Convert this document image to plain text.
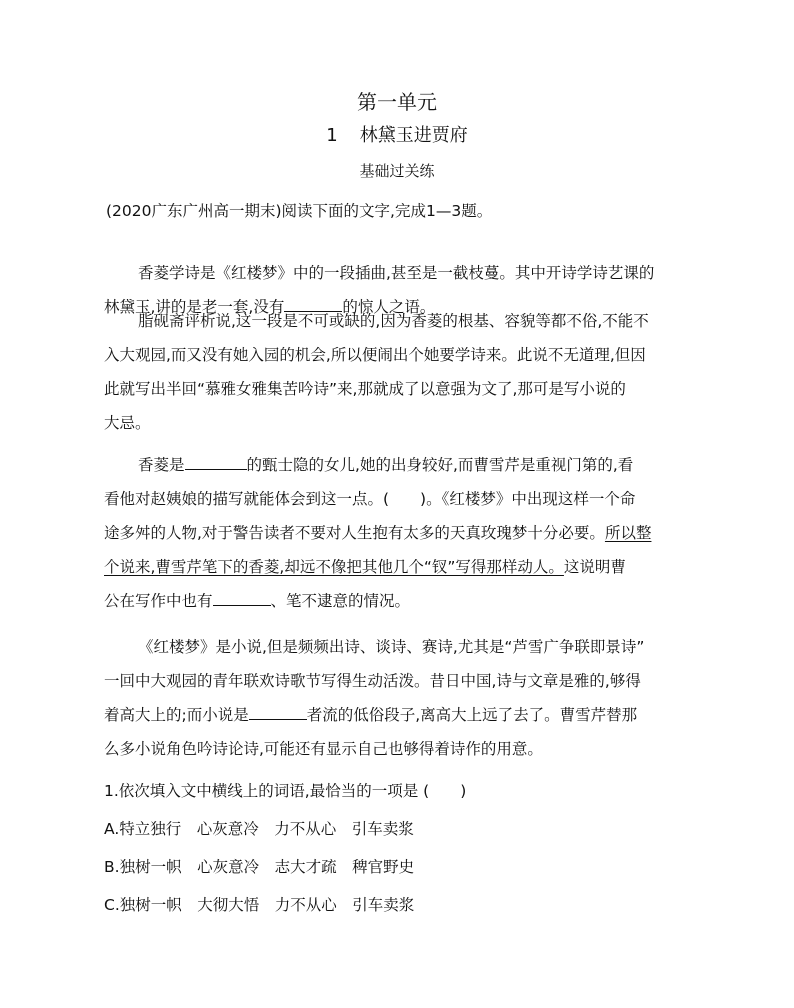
第一单元
1 林黛玉进贾府
基础过关练
(2020广东广州高一期末)阅读下面的文字,完成1—3题。
香菱学诗是《红楼梦》中的一段插曲,甚至是一截枝蔓。其中开诗学诗艺课的
林黛玉,讲的是老一套,没有	的惊人之语。
脂砚斋评析说,这一段是不可或缺的,因为香菱的根基、容貌等都不俗,不能不
入大观园,而又没有她入园的机会,所以便闹出个她要学诗来。此说不无道理,但因
此就写出半回“慕雅女雅集苦吟诗”来,那就成了以意强为文了,那可是写小说的
大忌。
香菱是	的甄士隐的女儿,她的出身较好,而曹雪芹是重视门第的,看
看他对赵姨娘的描写就能体会到这一点。(　　)。《红楼梦》中出现这样一个命
途多舛的人物,对于警告读者不要对人生抱有太多的天真玫瑰梦十分必要。所以整
个说来,曹雪芹笔下的香菱,却远不像把其他几个“钗”写得那样动人。这说明曹
公在写作中也有	、笔不逮意的情况。
《红楼梦》是小说,但是频频出诗、谈诗、赛诗,尤其是“芦雪广争联即景诗”
一回中大观园的青年联欢诗歌节写得生动活泼。昔日中国,诗与文章是雅的,够得
着高大上的;而小说是	者流的低俗段子,离高大上远了去了。曹雪芹替那
么多小说角色吟诗论诗,可能还有显示自己也够得着诗作的用意。
1.依次填入文中横线上的词语,最恰当的一项是 (　　)
A.特立独行　心灰意冷　力不从心　引车卖浆
B.独树一帜　心灰意冷　志大才疏　稗官野史
C.独树一帜　大彻大悟　力不从心　引车卖浆
